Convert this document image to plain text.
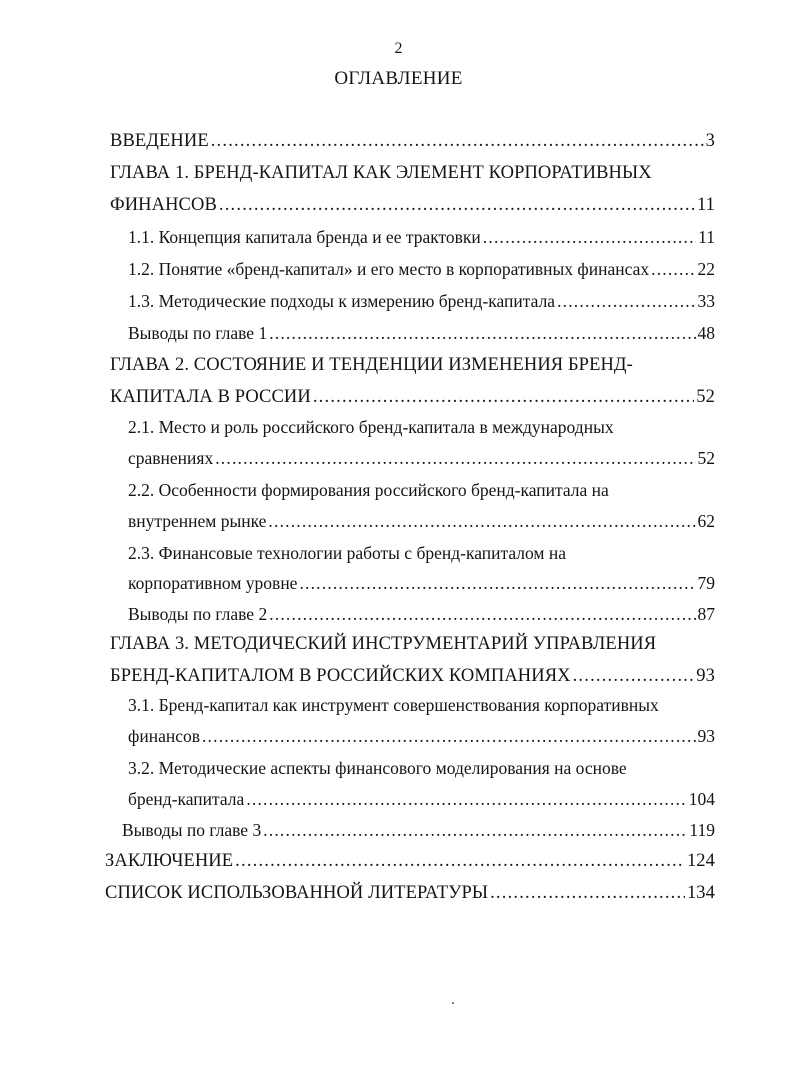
2
ОГЛАВЛЕНИЕ
ВВЕДЕНИЕ .....	3
ГЛАВА 1. БРЕНД-КАПИТАЛ КАК ЭЛЕМЕНТ КОРПОРАТИВНЫХ
ФИНАНСОВ .....	11
1.1. Концепция капитала бренда и ее трактовки .....	11
1.2. Понятие «бренд-капитал» и его место в корпоративных финансах .....	22
1.3. Методические подходы к измерению бренд-капитала .....	33
Выводы по главе 1 .....	48
ГЛАВА 2. СОСТОЯНИЕ И ТЕНДЕНЦИИ ИЗМЕНЕНИЯ БРЕНД-
КАПИТАЛА В РОССИИ .....	52
2.1. Место и роль российского бренд-капитала в международных
сравнениях .....	52
2.2. Особенности формирования российского бренд-капитала на
внутреннем рынке .....	62
2.3. Финансовые технологии работы с бренд-капиталом на
корпоративном уровне .....	79
Выводы по главе 2 .....	87
ГЛАВА 3. МЕТОДИЧЕСКИЙ ИНСТРУМЕНТАРИЙ УПРАВЛЕНИЯ
БРЕНД-КАПИТАЛОМ В РОССИЙСКИХ КОМПАНИЯХ .....	93
3.1. Бренд-капитал как инструмент совершенствования корпоративных
финансов .....	93
3.2. Методические аспекты финансового моделирования на основе
бренд-капитала .....	104
Выводы по главе 3 .....	119
ЗАКЛЮЧЕНИЕ .....	124
СПИСОК ИСПОЛЬЗОВАННОЙ ЛИТЕРАТУРЫ .....	134
